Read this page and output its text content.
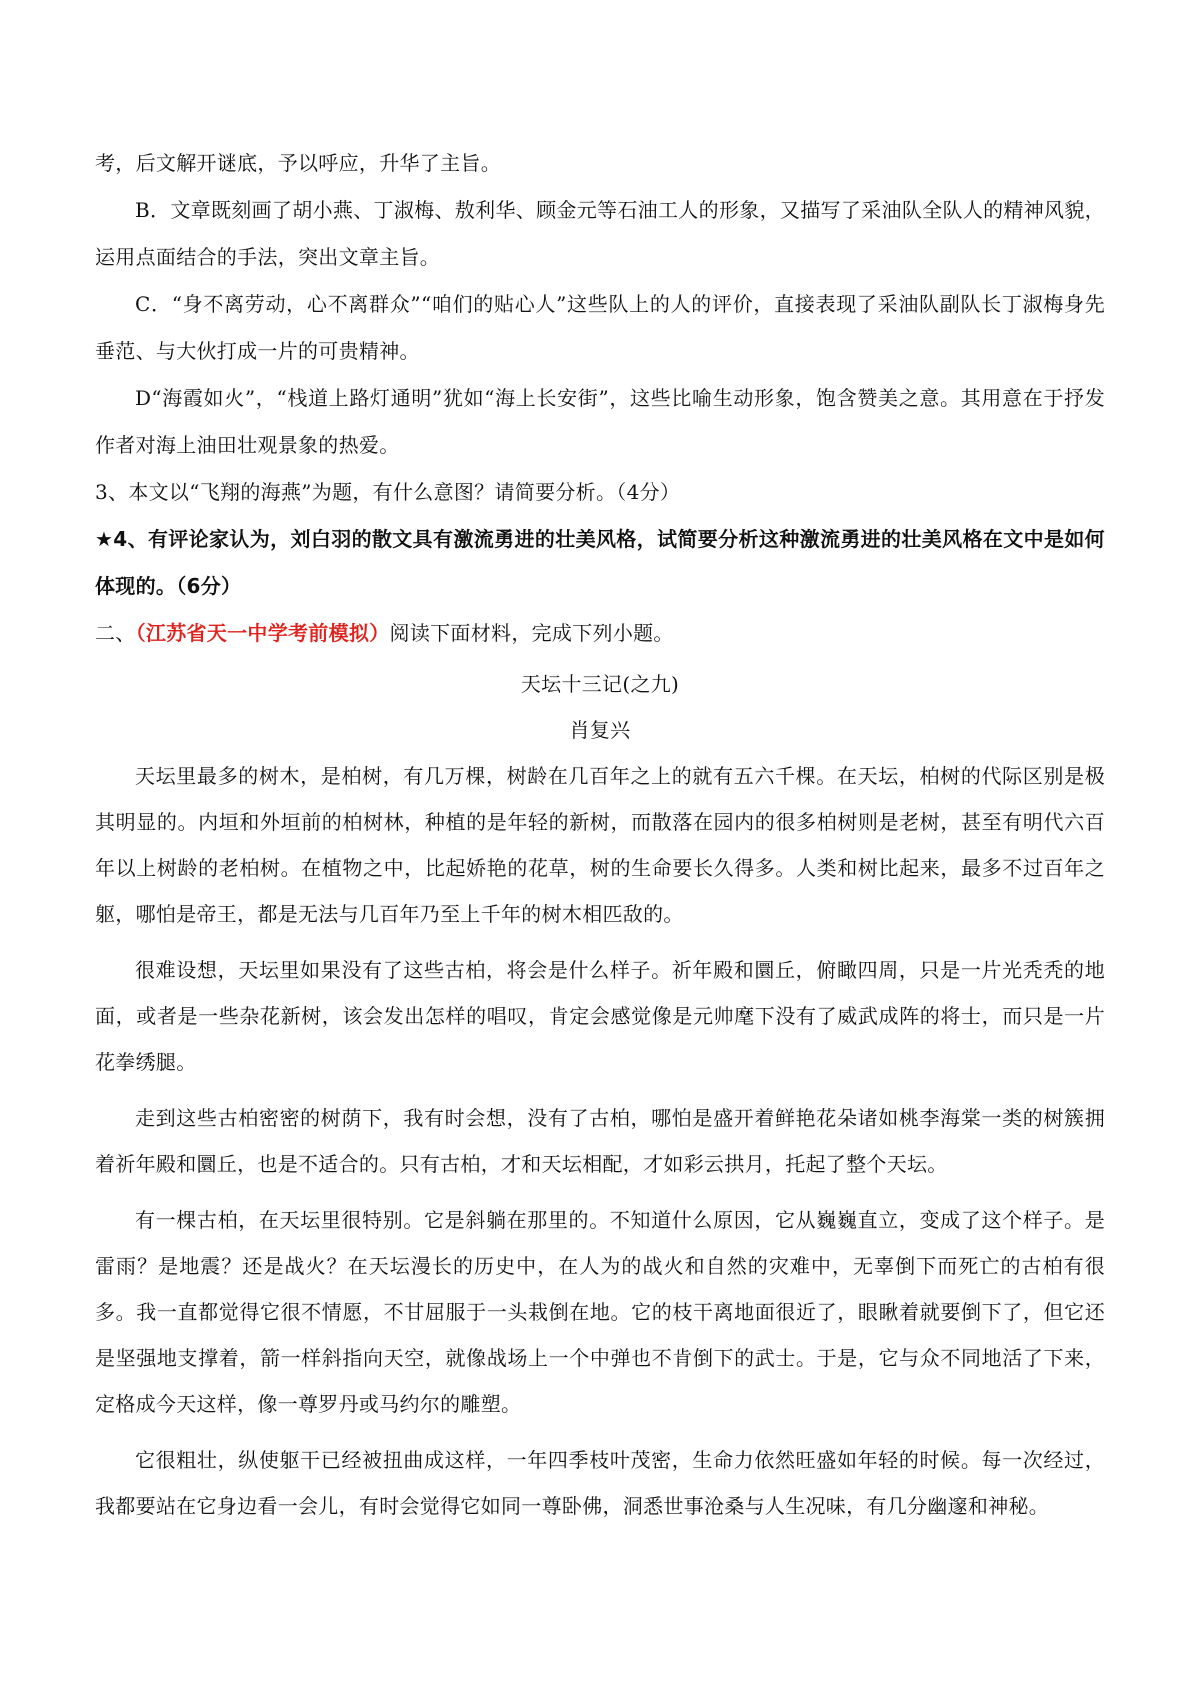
考，后文解开谜底，予以呼应，升华了主旨。

B．文章既刻画了胡小燕、丁淑梅、敖利华、顾金元等石油工人的形象，又描写了采油队全队人的精神风貌，运用点面结合的手法，突出文章主旨。

C．“身不离劳动，心不离群众”“咱们的贴心人”这些队上的人的评价，直接表现了采油队副队长丁淑梅身先垂范、与大伙打成一片的可贵精神。

D“海霞如火”，“栈道上路灯通明”犹如“海上长安街”，这些比喻生动形象，饱含赞美之意。其用意在于抒发作者对海上油田壮观景象的热爱。

3、本文以“飞翔的海燕”为题，有什么意图？请简要分析。（4分）

★4、有评论家认为，刘白羽的散文具有激流勇进的壮美风格，试简要分析这种激流勇进的壮美风格在文中是如何体现的。（6分）

二、（江苏省天一中学考前模拟）阅读下面材料，完成下列小题。

天坛十三记(之九)

肖复兴

天坛里最多的树木，是柏树，有几万棵，树龄在几百年之上的就有五六千棵。在天坛，柏树的代际区别是极其明显的。内垣和外垣前的柏树林，种植的是年轻的新树，而散落在园内的很多柏树则是老树，甚至有明代六百年以上树龄的老柏树。在植物之中，比起娇艳的花草，树的生命要长久得多。人类和树比起来，最多不过百年之躯，哪怕是帝王，都是无法与几百年乃至上千年的树木相匹敌的。

很难设想，天坛里如果没有了这些古柏，将会是什么样子。祈年殿和圜丘，俯瞰四周，只是一片光秃秃的地面，或者是一些杂花新树，该会发出怎样的唱叹，肯定会感觉像是元帅麾下没有了威武成阵的将士，而只是一片花拳绣腿。

走到这些古柏密密的树荫下，我有时会想，没有了古柏，哪怕是盛开着鲜艳花朵诸如桃李海棠一类的树簇拥着祈年殿和圜丘，也是不适合的。只有古柏，才和天坛相配，才如彩云拱月，托起了整个天坛。

有一棵古柏，在天坛里很特别。它是斜躺在那里的。不知道什么原因，它从巍巍直立，变成了这个样子。是雷雨？是地震？还是战火？在天坛漫长的历史中，在人为的战火和自然的灾难中，无辜倒下而死亡的古柏有很多。我一直都觉得它很不情愿，不甘屈服于一头栽倒在地。它的枝干离地面很近了，眼瞅着就要倒下了，但它还是坚强地支撑着，箭一样斜指向天空，就像战场上一个中弹也不肯倒下的武士。于是，它与众不同地活了下来，定格成今天这样，像一尊罗丹或马约尔的雕塑。

它很粗壮，纵使躯干已经被扭曲成这样，一年四季枝叶茂密，生命力依然旺盛如年轻的时候。每一次经过，我都要站在它身边看一会儿，有时会觉得它如同一尊卧佛，洞悉世事沧桑与人生况味，有几分幽邃和神秘。
